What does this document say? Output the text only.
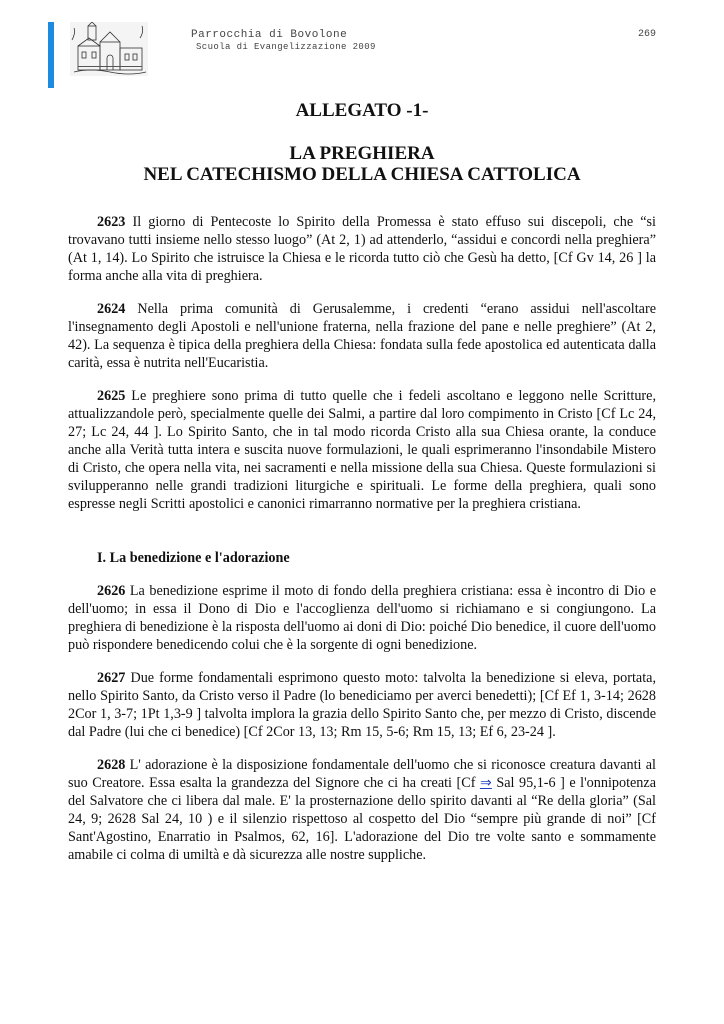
Parrocchia di Bovolone
Scuola di Evangelizzazione 2009
269
ALLEGATO -1-
LA PREGHIERA
NEL CATECHISMO DELLA CHIESA CATTOLICA

2623 Il giorno di Pentecoste lo Spirito della Promessa è stato effuso sui discepoli, che “si trovavano tutti insieme nello stesso luogo” (At 2, 1) ad attenderlo, “assidui e concordi nella preghiera” (At 1, 14). Lo Spirito che istruisce la Chiesa e le ricorda tutto ciò che Gesù ha detto, [Cf Gv 14, 26 ] la forma anche alla vita di preghiera.

2624 Nella prima comunità di Gerusalemme, i credenti “erano assidui nell'ascoltare l'insegnamento degli Apostoli e nell'unione fraterna, nella frazione del pane e nelle preghiere” (At 2, 42). La sequenza è tipica della preghiera della Chiesa: fondata sulla fede apostolica ed autenticata dalla carità, essa è nutrita nell'Eucaristia.

2625 Le preghiere sono prima di tutto quelle che i fedeli ascoltano e leggono nelle Scritture, attualizzandole però, specialmente quelle dei Salmi, a partire dal loro compimento in Cristo [Cf Lc 24, 27; Lc 24, 44 ]. Lo Spirito Santo, che in tal modo ricorda Cristo alla sua Chiesa orante, la conduce anche alla Verità tutta intera e suscita nuove formulazioni, le quali esprimeranno l'insondabile Mistero di Cristo, che opera nella vita, nei sacramenti e nella missione della sua Chiesa. Queste formulazioni si svilupperanno nelle grandi tradizioni liturgiche e spirituali. Le forme della preghiera, quali sono espresse negli Scritti apostolici e canonici rimarranno normative per la preghiera cristiana.

I. La benedizione e l'adorazione

2626 La benedizione esprime il moto di fondo della preghiera cristiana: essa è incontro di Dio e dell'uomo; in essa il Dono di Dio e l'accoglienza dell'uomo si richiamano e si congiungono. La preghiera di benedizione è la risposta dell'uomo ai doni di Dio: poiché Dio benedice, il cuore dell'uomo può rispondere benedicendo colui che è la sorgente di ogni benedizione.

2627 Due forme fondamentali esprimono questo moto: talvolta la benedizione si eleva, portata, nello Spirito Santo, da Cristo verso il Padre (lo benediciamo per averci benedetti); [Cf Ef 1, 3-14; 2628 2Cor 1, 3-7; 1Pt 1,3-9 ] talvolta implora la grazia dello Spirito Santo che, per mezzo di Cristo, discende dal Padre (lui che ci benedice) [Cf 2Cor 13, 13; Rm 15, 5-6; Rm 15, 13; Ef 6, 23-24 ].

2628 L' adorazione è la disposizione fondamentale dell'uomo che si riconosce creatura davanti al suo Creatore. Essa esalta la grandezza del Signore che ci ha creati [Cf ⇒ Sal 95,1-6 ] e l'onnipotenza del Salvatore che ci libera dal male. E' la prosternazione dello spirito davanti al “Re della gloria” (Sal 24, 9; 2628 Sal 24, 10 ) e il silenzio rispettoso al cospetto del Dio “sempre più grande di noi” [Cf Sant'Agostino, Enarratio in Psalmos, 62, 16]. L'adorazione del Dio tre volte santo e sommamente amabile ci colma di umiltà e dà sicurezza alle nostre suppliche.
